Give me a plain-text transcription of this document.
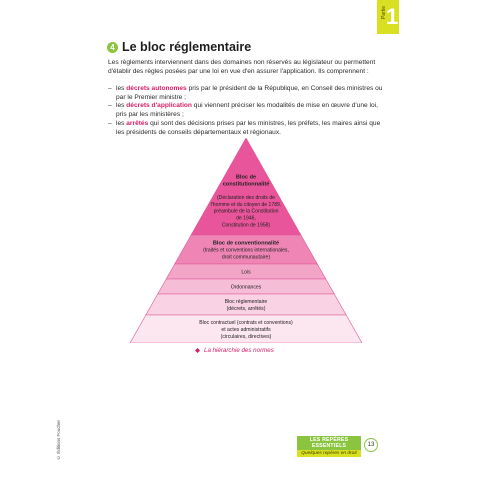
Partie 1
4 Le bloc réglementaire

Les règlements interviennent dans des domaines non réservés au législateur ou permettent d'établir des règles posées par une loi en vue d'en assurer l'application. Ils comprennent :

– les décrets autonomes pris par le président de la République, en Conseil des ministres ou par le Premier ministre ;
– les décrets d'application qui viennent préciser les modalités de mise en œuvre d'une loi, pris par les ministères ;
– les arrêtés qui sont des décisions prises par les ministres, les préfets, les maires ainsi que les présidents de conseils départementaux et régionaux.
Bloc de
constitutionnalité
(Déclaration des droits de
l'homme et du citoyen de 1789,
préambule de la Constitution
de 1946,
Constitution de 1958)
Bloc de conventionnalité
(traités et conventions internationales,
droit communautaire)
Lois
Ordonnances
Bloc réglementaire
(décrets, arrêtés)
Bloc contractuel (contrats et conventions)
et actes administratifs
(circulaires, directives)
La hiérarchie des normes
© Éditions Foucher	LES REPÈRES ESSENTIELS
Quelques repères en droit
13
